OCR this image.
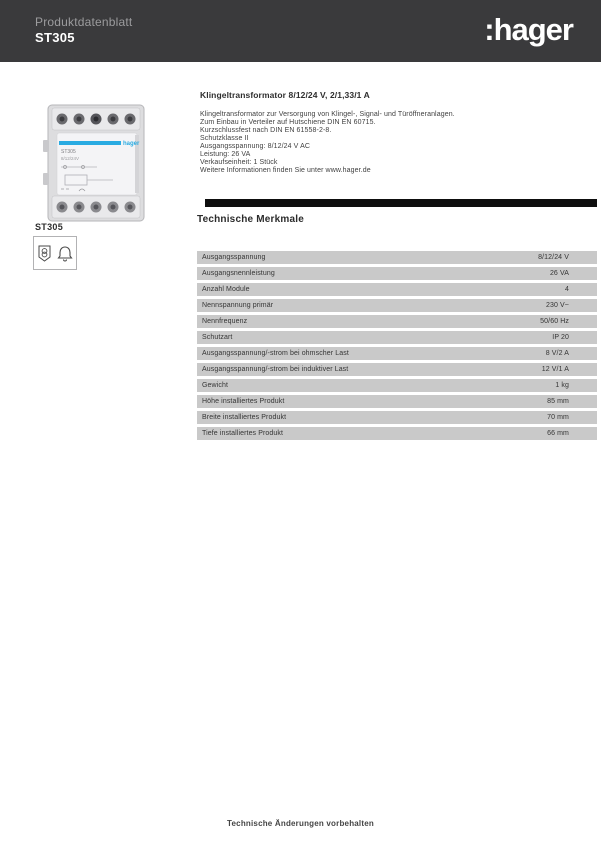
Produktdatenblatt
ST305	:hager
hager
ST305
8/12/24V
ST305
Klingeltransformator 8/12/24 V, 2/1,33/1 A
Klingeltransformator zur Versorgung von Klingel-, Signal- und Türöffneranlagen.
Zum Einbau in Verteiler auf Hutschiene DIN EN 60715.
Kurzschlussfest nach DIN EN 61558-2-8.
Schutzklasse II
Ausgangsspannung: 8/12/24 V AC
Leistung: 26 VA
Verkaufseinheit: 1 Stück
Weitere Informationen finden Sie unter www.hager.de
Technische Merkmale
Ausgangsspannung	8/12/24 V
Ausgangsnennleistung	26 VA
Anzahl Module	4
Nennspannung primär	230 V~
Nennfrequenz	50/60 Hz
Schutzart	IP 20
Ausgangsspannung/-strom bei ohmscher Last	8 V/2 A
Ausgangsspannung/-strom bei induktiver Last	12 V/1 A
Gewicht	1 kg
Höhe installiertes Produkt	85 mm
Breite installiertes Produkt	70 mm
Tiefe installiertes Produkt	66 mm
Technische Änderungen vorbehalten
